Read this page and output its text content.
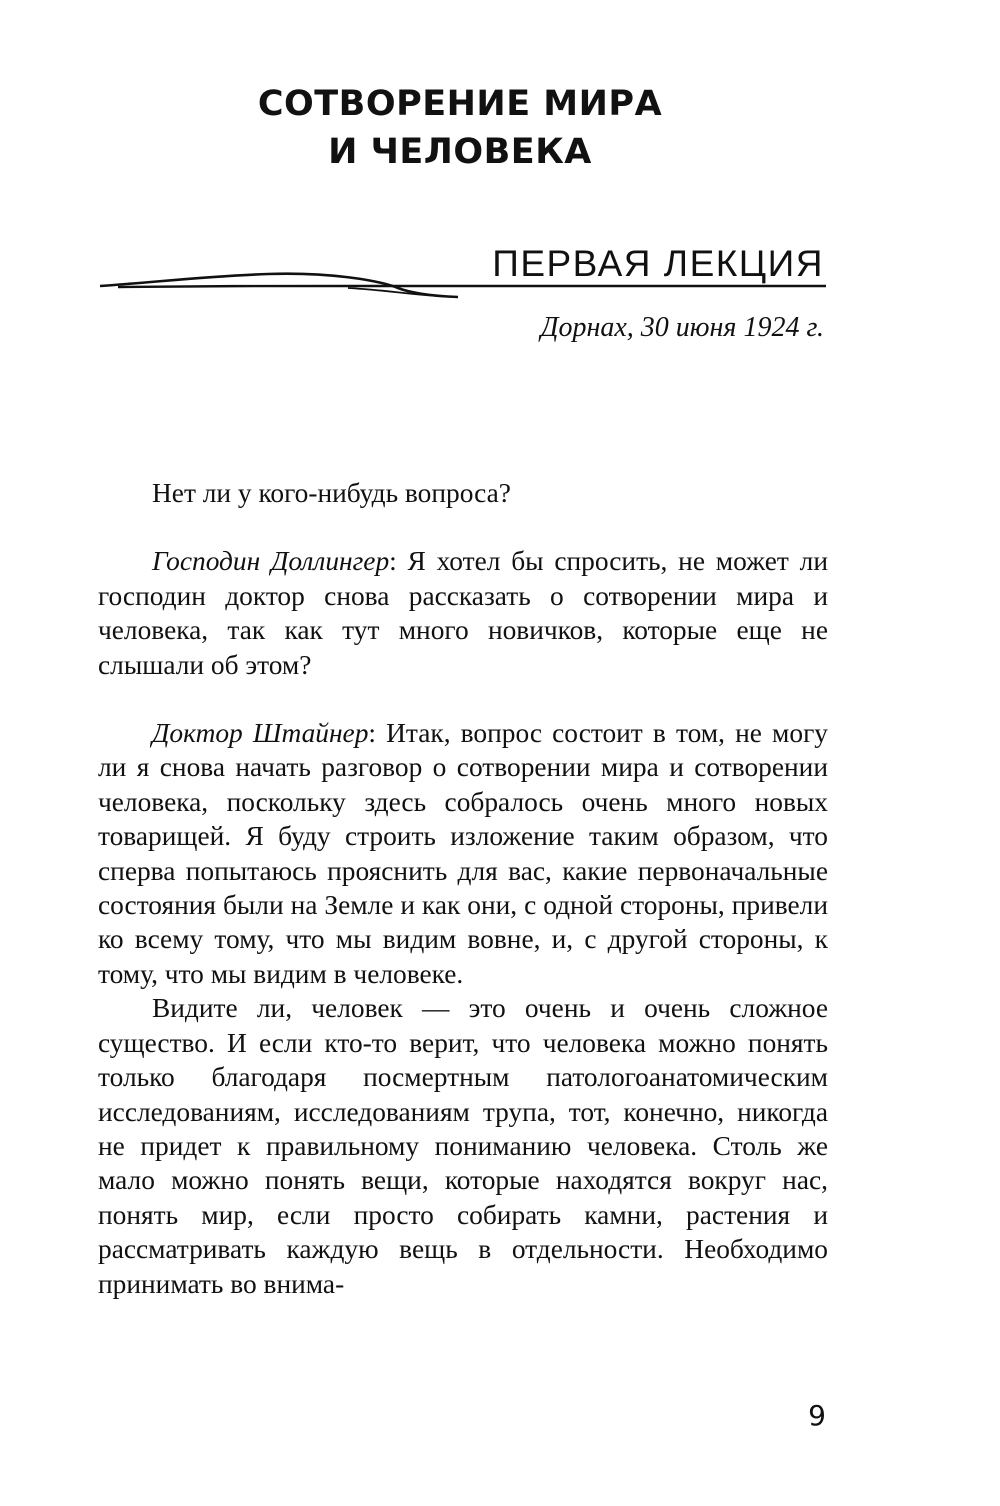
СОТВОРЕНИЕ МИРА
И ЧЕЛОВЕКА
ПЕРВАЯ ЛЕКЦИЯ
Дорнах, 30 июня 1924 г.

Нет ли у кого-нибудь вопроса?

Господин Доллингер: Я хотел бы спросить, не может ли господин доктор снова рассказать о сотворении мира и человека, так как тут много новичков, которые еще не слышали об этом?

Доктор Штайнер: Итак, вопрос состоит в том, не могу ли я снова начать разговор о сотворении мира и сотворении человека, поскольку здесь собралось очень много новых товарищей. Я буду строить изложение таким образом, что сперва попытаюсь прояснить для вас, какие первоначальные состояния были на Земле и как они, с одной стороны, привели ко всему тому, что мы видим вовне, и, с другой стороны, к тому, что мы видим в человеке.

Видите ли, человек — это очень и очень сложное существо. И если кто-то верит, что человека можно понять только благодаря посмертным патологоанатомическим исследованиям, исследованиям трупа, тот, конечно, никогда не придет к правильному пониманию человека. Столь же мало можно понять вещи, которые находятся вокруг нас, понять мир, если просто собирать камни, растения и рассматривать каждую вещь в отдельности. Необходимо принимать во внима-

9
